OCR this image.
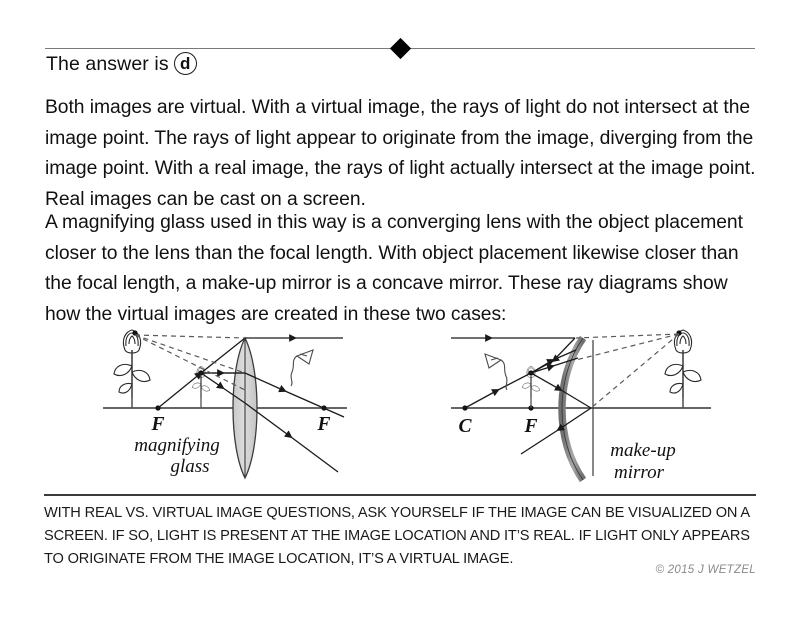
The answer is d
Both images are virtual. With a virtual image, the rays of light do not intersect at the image point. The rays of light appear to originate from the image, diverging from the image point. With a real image, the rays of light actually intersect at the image point. Real images can be cast on a screen.
A magnifying glass used in this way is a converging lens with the object placement closer to the lens than the focal length. With object placement likewise closer than the focal length, a make-up mirror is a concave mirror. These ray diagrams show how the virtual images are created in these two cases:
F	F
magnifying
glass
C	F
make-up
mirror
WITH REAL VS. VIRTUAL IMAGE QUESTIONS, ASK YOURSELF IF THE IMAGE CAN BE VISUALIZED ON A SCREEN. IF SO, LIGHT IS PRESENT AT THE IMAGE LOCATION AND IT’S REAL. IF LIGHT ONLY APPEARS TO ORIGINATE FROM THE IMAGE LOCATION, IT’S A VIRTUAL IMAGE.
© 2015 J WETZEL
